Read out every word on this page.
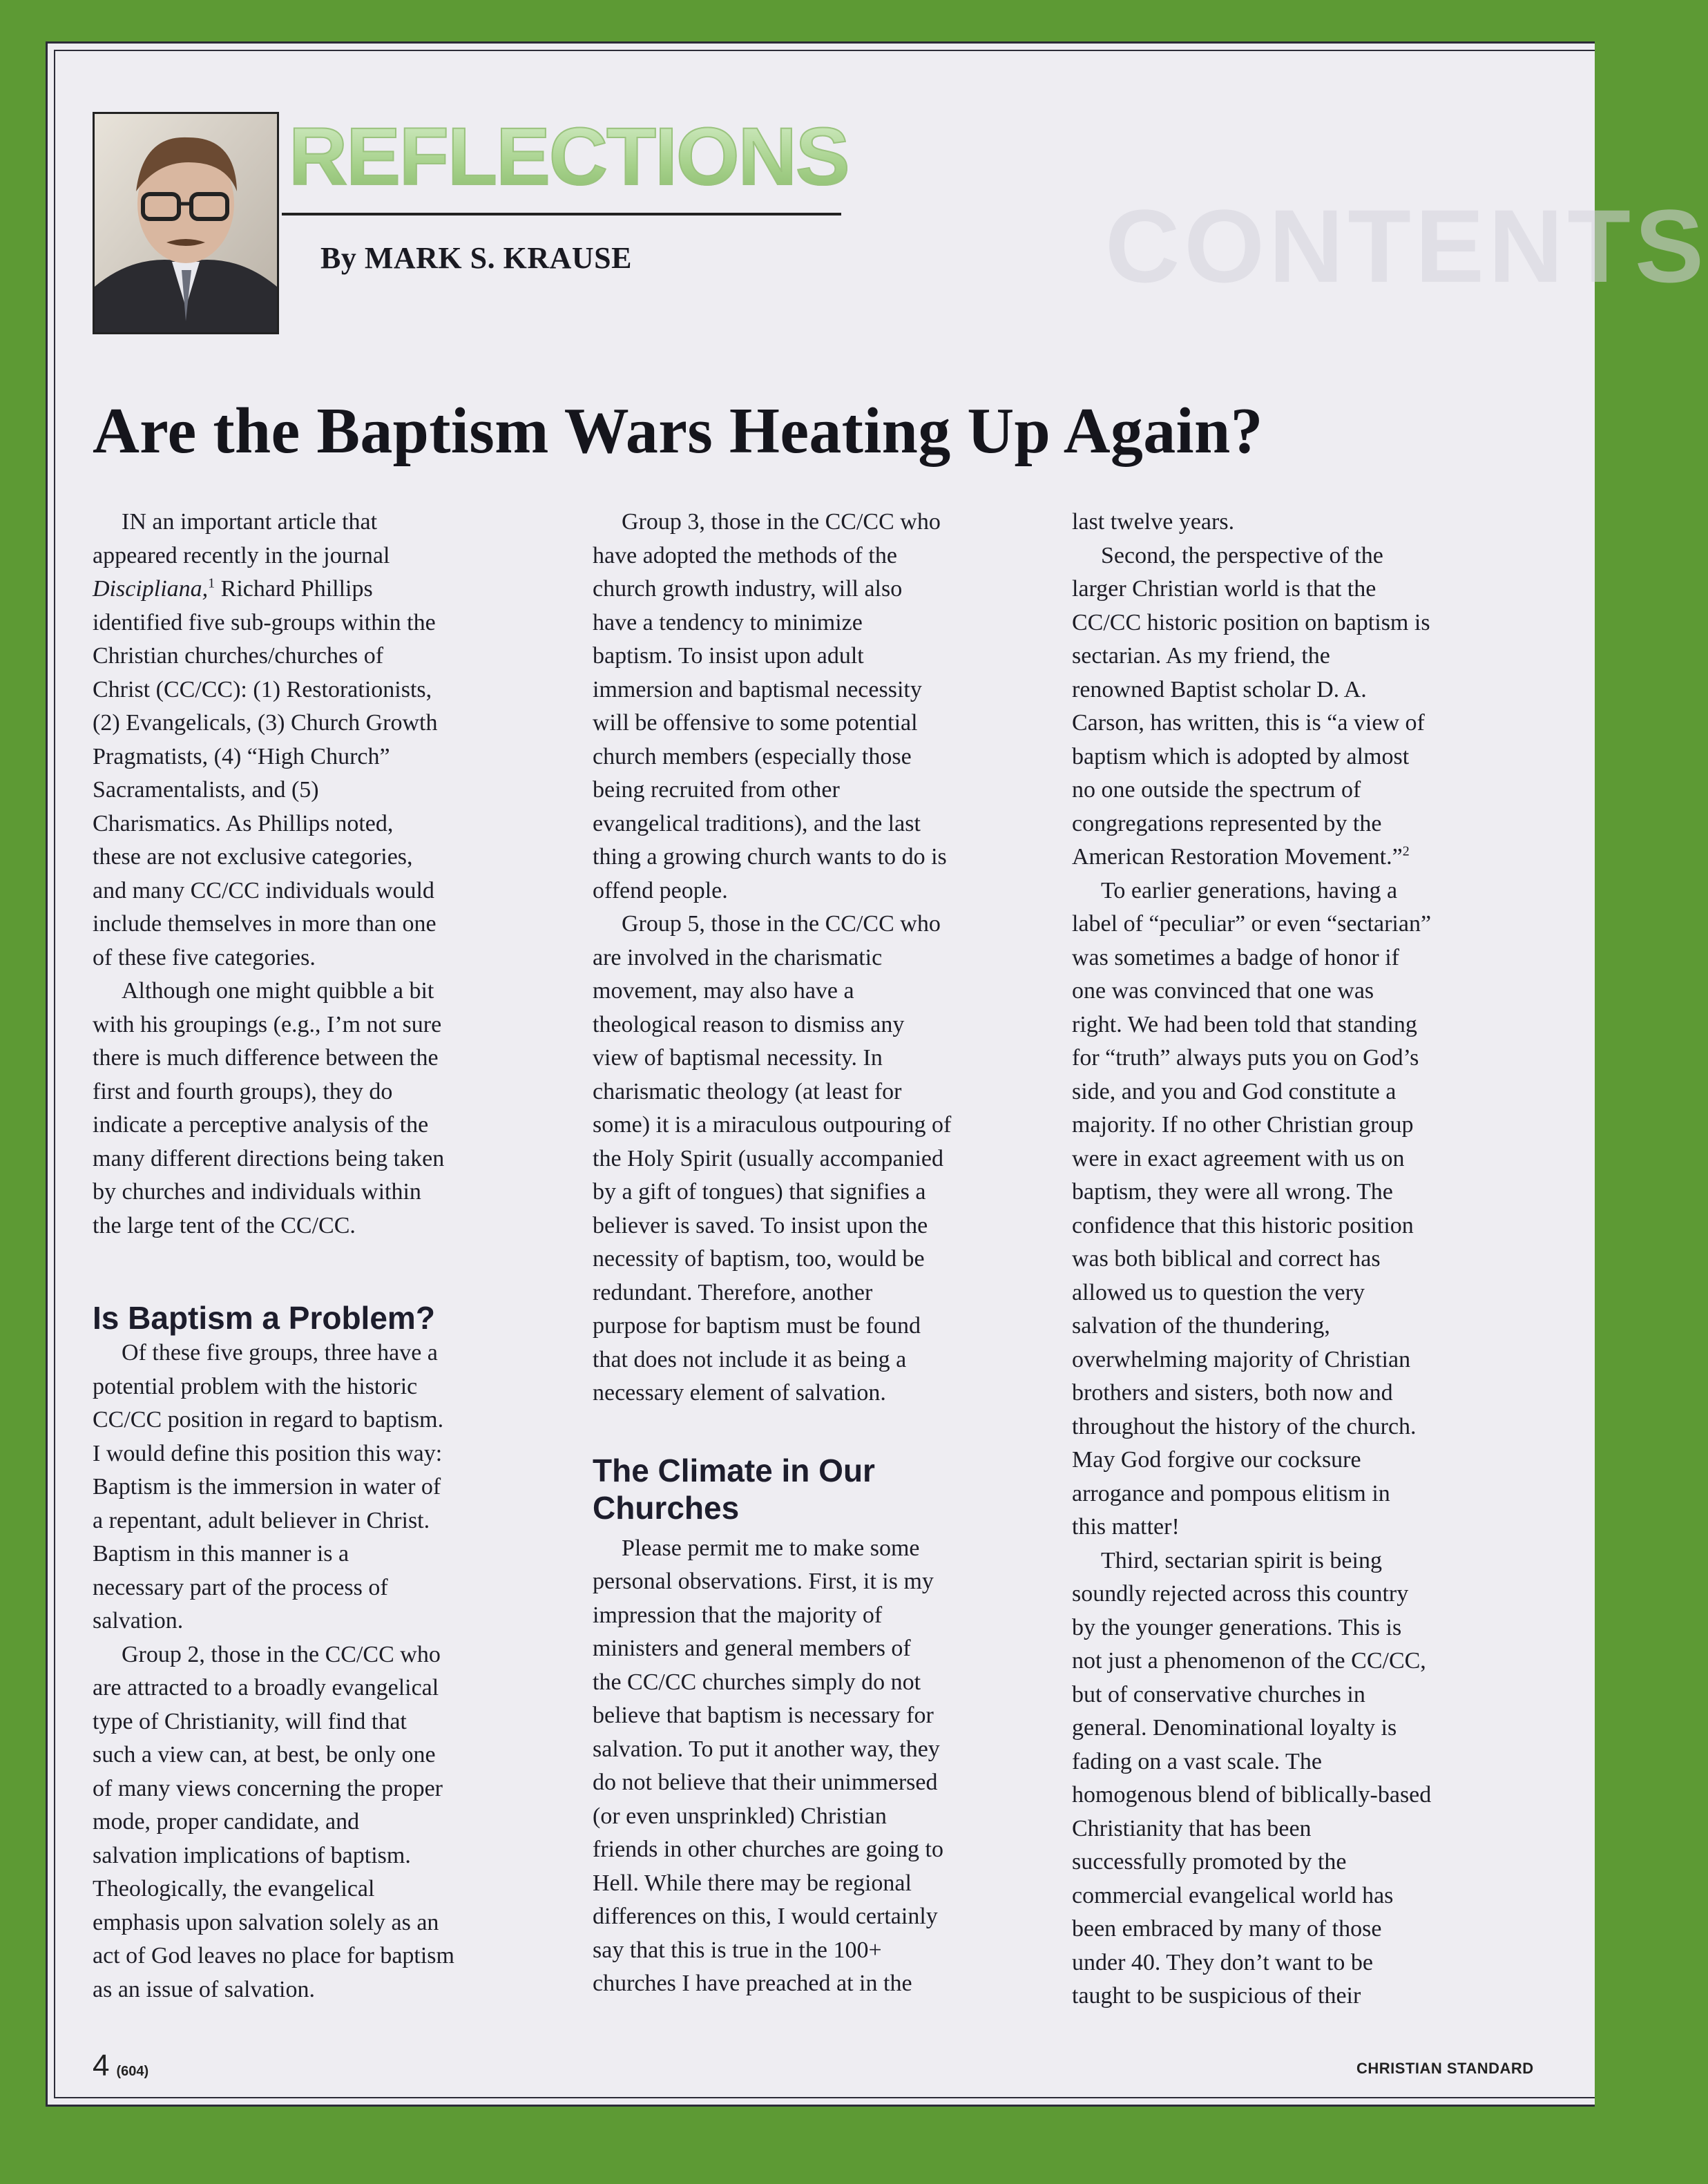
CONTENTS
REFLECTIONS
By MARK S. KRAUSE
Are the Baptism Wars Heating Up Again?
IN an important article that
appeared recently in the journal
Discipliana,$^1$ Richard Phillips
identified five sub-groups within the
Christian churches/churches of
Christ (CC/CC): (1) Restorationists,
(2) Evangelicals, (3) Church Growth
Pragmatists, (4) “High Church”
Sacramentalists, and (5)
Charismatics. As Phillips noted,
these are not exclusive categories,
and many CC/CC individuals would
include themselves in more than one
of these five categories.
Although one might quibble a bit
with his groupings (e.g., I’m not sure
there is much difference between the
first and fourth groups), they do
indicate a perceptive analysis of the
many different directions being taken
by churches and individuals within
the large tent of the CC/CC.
Is Baptism a Problem?
Of these five groups, three have a
potential problem with the historic
CC/CC position in regard to baptism.
I would define this position this way:
Baptism is the immersion in water of
a repentant, adult believer in Christ.
Baptism in this manner is a
necessary part of the process of
salvation.
Group 2, those in the CC/CC who
are attracted to a broadly evangelical
type of Christianity, will find that
such a view can, at best, be only one
of many views concerning the proper
mode, proper candidate, and
salvation implications of baptism.
Theologically, the evangelical
emphasis upon salvation solely as an
act of God leaves no place for baptism
as an issue of salvation.
Group 3, those in the CC/CC who
have adopted the methods of the
church growth industry, will also
have a tendency to minimize
baptism. To insist upon adult
immersion and baptismal necessity
will be offensive to some potential
church members (especially those
being recruited from other
evangelical traditions), and the last
thing a growing church wants to do is
offend people.
Group 5, those in the CC/CC who
are involved in the charismatic
movement, may also have a
theological reason to dismiss any
view of baptismal necessity. In
charismatic theology (at least for
some) it is a miraculous outpouring of
the Holy Spirit (usually accompanied
by a gift of tongues) that signifies a
believer is saved. To insist upon the
necessity of baptism, too, would be
redundant. Therefore, another
purpose for baptism must be found
that does not include it as being a
necessary element of salvation.
The Climate in Our
Churches
Please permit me to make some
personal observations. First, it is my
impression that the majority of
ministers and general members of
the CC/CC churches simply do not
believe that baptism is necessary for
salvation. To put it another way, they
do not believe that their unimmersed
(or even unsprinkled) Christian
friends in other churches are going to
Hell. While there may be regional
differences on this, I would certainly
say that this is true in the 100+
churches I have preached at in the
last twelve years.
Second, the perspective of the
larger Christian world is that the
CC/CC historic position on baptism is
sectarian. As my friend, the
renowned Baptist scholar D. A.
Carson, has written, this is “a view of
baptism which is adopted by almost
no one outside the spectrum of
congregations represented by the
American Restoration Movement.”$^2$
To earlier generations, having a
label of “peculiar” or even “sectarian”
was sometimes a badge of honor if
one was convinced that one was
right. We had been told that standing
for “truth” always puts you on God’s
side, and you and God constitute a
majority. If no other Christian group
were in exact agreement with us on
baptism, they were all wrong. The
confidence that this historic position
was both biblical and correct has
allowed us to question the very
salvation of the thundering,
overwhelming majority of Christian
brothers and sisters, both now and
throughout the history of the church.
May God forgive our cocksure
arrogance and pompous elitism in
this matter!
Third, sectarian spirit is being
soundly rejected across this country
by the younger generations. This is
not just a phenomenon of the CC/CC,
but of conservative churches in
general. Denominational loyalty is
fading on a vast scale. The
homogenous blend of biblically-based
Christianity that has been
successfully promoted by the
commercial evangelical world has
been embraced by many of those
under 40. They don’t want to be
taught to be suspicious of their
4 (604)	CHRISTIAN STANDARD
